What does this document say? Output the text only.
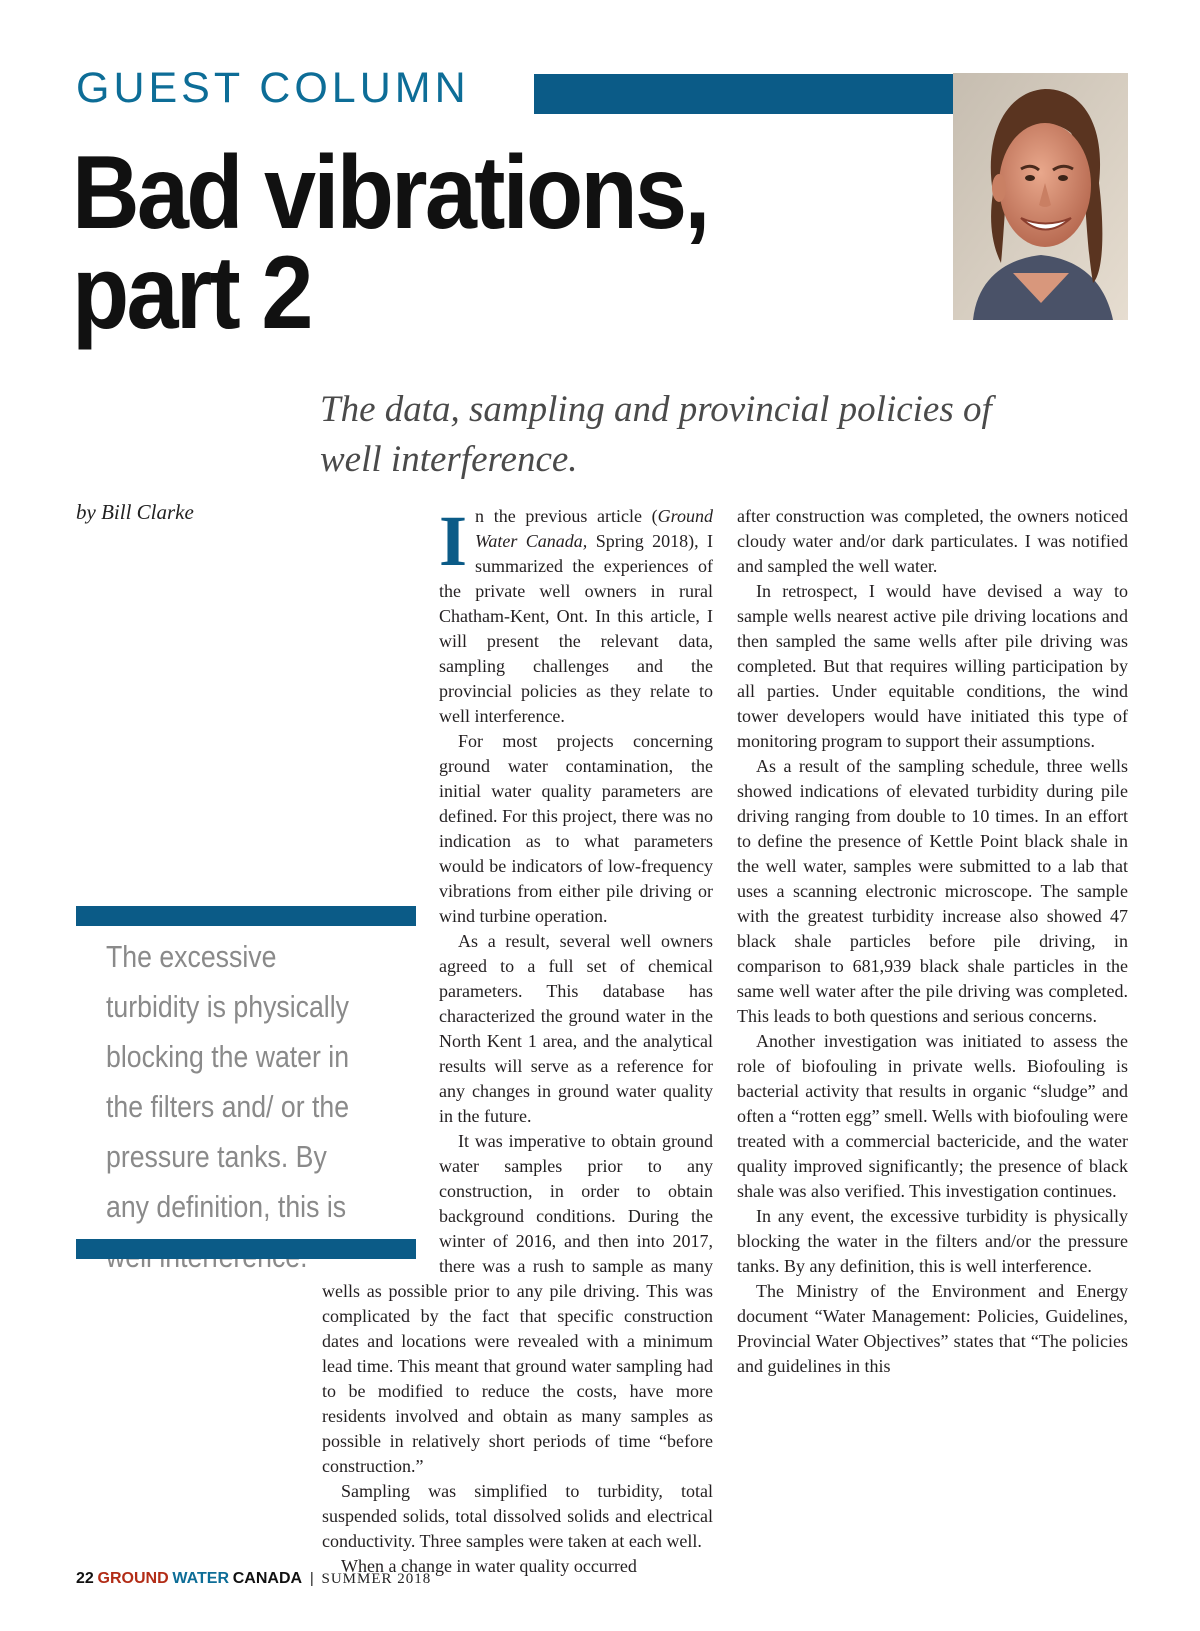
GUEST COLUMN
Bad vibrations,
part 2
The data, sampling and provincial policies of well interference.
by Bill Clarke

The excessive turbidity is physically blocking the water in the filters and/ or the pressure tanks. By any definition, this is

I n the previous article (Ground Water Canada, Spring 2018), I summarized the experiences of the private well owners in rural Chatham-Kent, Ont. In this article, I will present the relevant data, sampling challenges and the provincial policies as they relate to well interference.

For most projects concerning ground water contamination, the initial water quality parameters are defined. For this project, there was no indication as to what parameters would be indicators of low-frequency vibrations from either pile driving or wind turbine operation.

As a result, several well owners agreed to a full set of chemical parameters. This database has characterized the ground water in the North Kent 1 area, and the analytical results will serve as a reference for any changes in ground water quality in the future.

It was imperative to obtain ground water samples prior to any construction, in order to obtain background conditions. During the winter of 2016, and then into 2017, there was a rush to sample as many wells as possible prior to any pile driving. This was complicated by the fact that specific construction dates and locations were revealed with a minimum lead time. This meant that ground water sampling had to be modified to reduce the costs, have more residents involved and obtain as many samples as possible in relatively short periods of time “before construction.”

Sampling was simplified to turbidity, total suspended solids, total dissolved solids and electrical conductivity. Three samples were taken at each well.

When a change in water quality occurred

after construction was completed, the owners noticed cloudy water and/or dark particulates. I was notified and sampled the well water.

In retrospect, I would have devised a way to sample wells nearest active pile driving locations and then sampled the same wells after pile driving was completed. But that requires willing participation by all parties. Under equitable conditions, the wind tower developers would have initiated this type of monitoring program to support their assumptions.

As a result of the sampling schedule, three wells showed indications of elevated turbidity during pile driving ranging from double to 10 times. In an effort to define the presence of Kettle Point black shale in the well water, samples were submitted to a lab that uses a scanning electronic microscope. The sample with the greatest turbidity increase also showed 47 black shale particles before pile driving, in comparison to 681,939 black shale particles in the same well water after the pile driving was completed. This leads to both questions and serious concerns.

Another investigation was initiated to assess the role of biofouling in private wells. Biofouling is bacterial activity that results in organic “sludge” and often a “rotten egg” smell. Wells with biofouling were treated with a commercial bactericide, and the water quality improved significantly; the presence of black shale was also verified. This investigation continues.

In any event, the excessive turbidity is physically blocking the water in the filters and/or the pressure tanks. By any definition, this is well interference.

The Ministry of the Environment and Energy document “Water Management: Policies, Guidelines, Provincial Water Objectives” states that “The policies and guidelines in this

22 GROUND WATER CANADA | SUMMER 2018
